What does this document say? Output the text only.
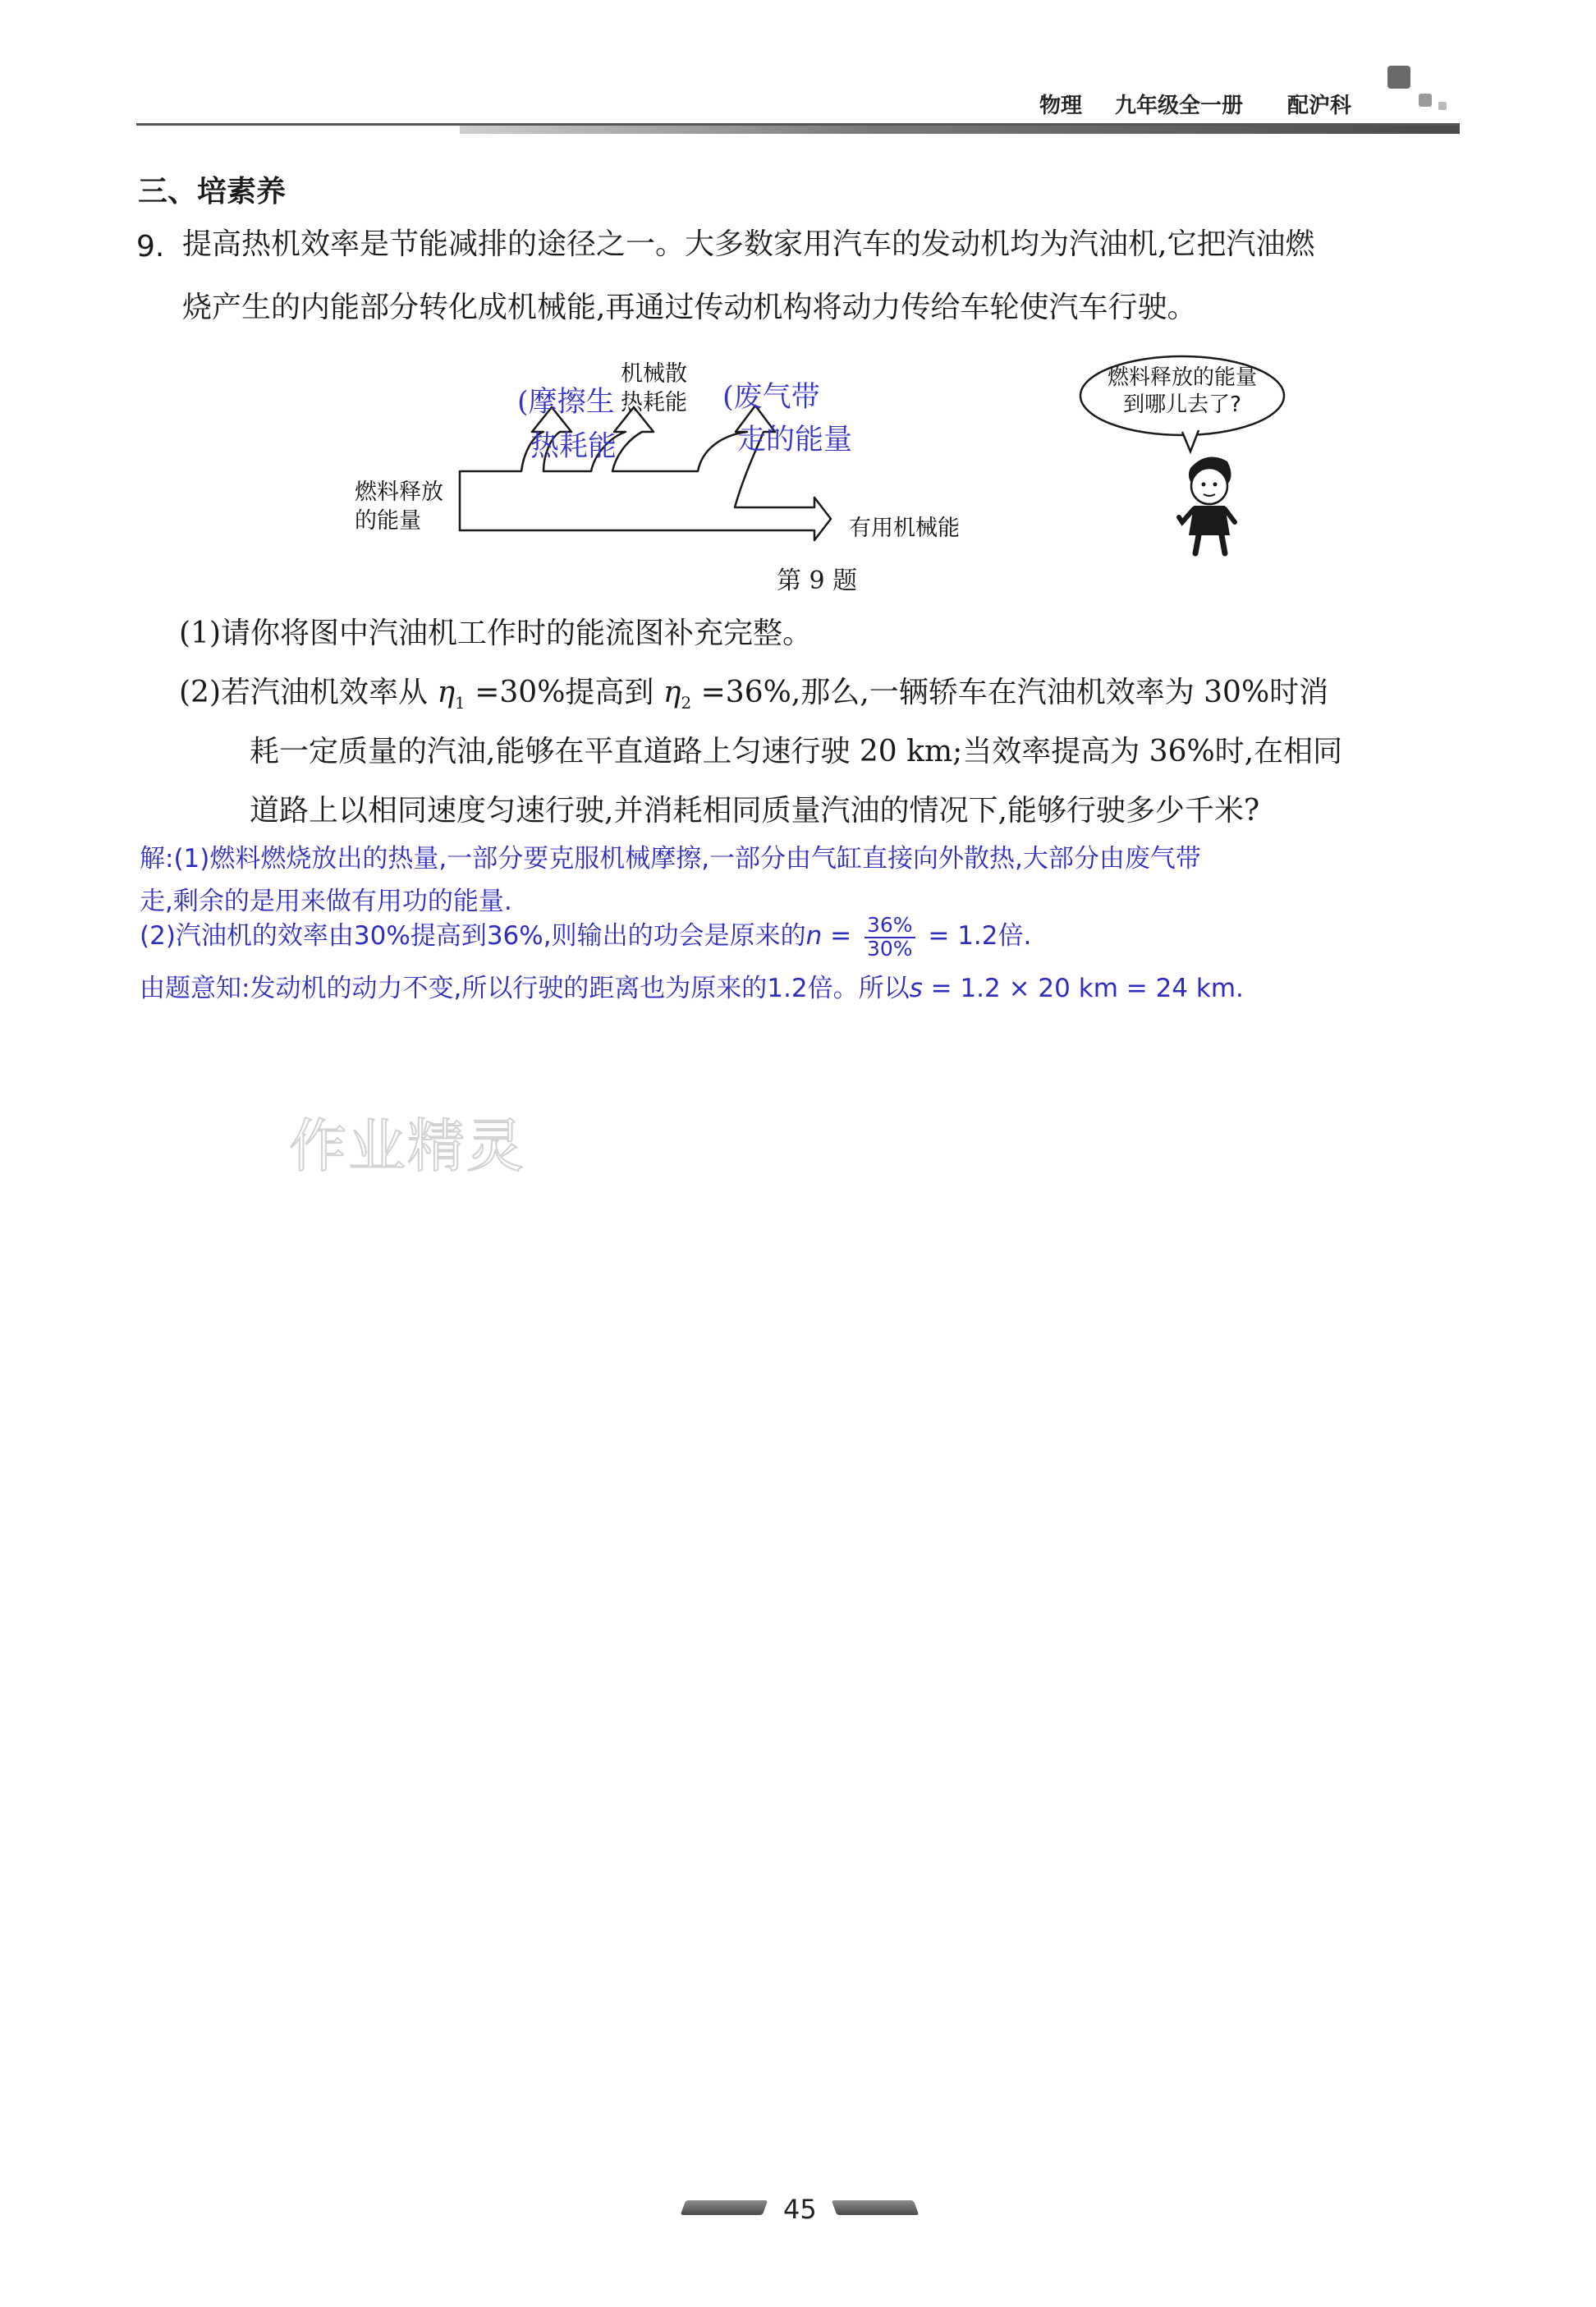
物理 九年级全一册 配沪科
三、培素养
9. 提高热机效率是节能减排的途径之一。大多数家用汽车的发动机均为汽油机,它把汽油燃
烧产生的内能部分转化成机械能,再通过传动机构将动力传给车轮使汽车行驶。
燃料释放
的能量
机械散
热耗能
有用机械能
(摩擦生
热耗能
(废气带
走的能量
燃料释放的能量
到哪儿去了?
第 9 题
(1)请你将图中汽油机工作时的能流图补充完整。
(2)若汽油机效率从 $\eta_1 =30\%$提高到 $\eta_2 =36\%$,那么,一辆轿车在汽油机效率为 30%时消
耗一定质量的汽油,能够在平直道路上匀速行驶 20 km;当效率提高为 36%时,在相同
道路上以相同速度匀速行驶,并消耗相同质量汽油的情况下,能够行驶多少千米?
解:(1)燃料燃烧放出的热量,一部分要克服机械摩擦,一部分由气缸直接向外散热,大部分由废气带
走,剩余的是用来做有用功的能量.
(2)汽油机的效率由30%提高到36%,则输出的功会是原来的$n = \frac{36\%}{30\%} = 1.2$倍.
由题意知:发动机的动力不变,所以行驶的距离也为原来的1.2倍。所以s = 1.2 × 20 km = 24 km.
作业精灵
45
